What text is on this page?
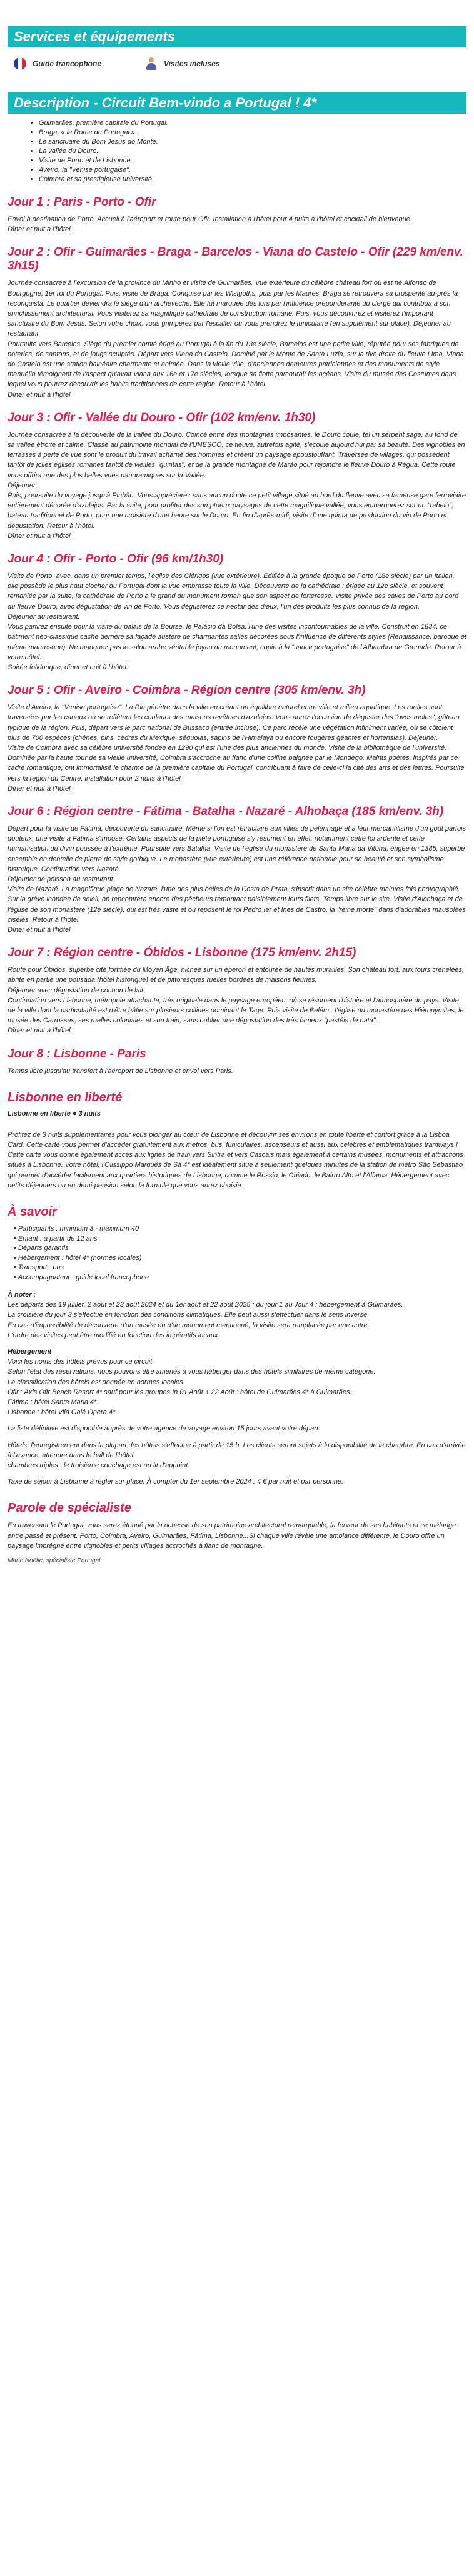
Services et équipements
Guide francophone	Visites incluses
Description - Circuit Bem-vindo a Portugal ! 4*
• Guimarães, première capitale du Portugal.
• Braga, « la Rome du Portugal ».
• Le sanctuaire du Bom Jesus do Monte.
• La vallée du Douro.
• Visite de Porto et de Lisbonne.
• Aveiro, la "Venise portugaise".
• Coimbra et sa prestigieuse université.
Jour 1 : Paris - Porto - Ofir

Envol à destination de Porto. Accueil à l'aéroport et route pour Ofir. Installation à l'hôtel pour 4 nuits à l'hôtel et cocktail de bienvenue.

Dîner et nuit à l'hôtel.

Jour 2 : Ofir - Guimarães - Braga - Barcelos - Viana do Castelo - Ofir (229 km/env. 3h15)

Journée consacrée à l'excursion de la province du Minho et visite de Guimarães. Vue extérieure du célèbre château fort où est né Alfonso de Bourgogne, 1er roi du Portugal. Puis, visite de Braga. Conquise par les Wisigoths, puis par les Maures, Braga se retrouvera sa prospérité au-près la reconquista. Le quartier deviendra le siège d'un archevêché. Elle fut marquée dès lors par l'influence prépondérante du clergé qui contribua à son enrichissement architectural. Vous visiterez sa magnifique cathédrale de construction romane. Puis, vous découvrirez et visiterez l'important sanctuaire du Bom Jesus. Selon votre choix, vous grimperez par l'escalier ou vous prendrez le funiculaire (en supplément sur place). Déjeuner au restaurant.

Poursuite vers Barcelos. Siège du premier comté érigé au Portugal à la fin du 13e siècle, Barcelos est une petite ville, réputée pour ses fabriques de poteries, de santons, et de jougs sculptés. Départ vers Viana do Castelo. Dominé par le Monte de Santa Luzia, sur la rive droite du fleuve Lima, Viana do Castelo est une station balnéaire charmante et animée. Dans la vieille ville, d'anciennes demeures patriciennes et des monuments de style manuélin témoignent de l'aspect qu'avait Viana aux 16e et 17e siècles, lorsque sa flotte parcourait les océans. Visite du musée des Costumes dans lequel vous pourrez découvrir les habits traditionnels de cette région. Retour à l'hôtel.

Dîner et nuit à l'hôtel.

Jour 3 : Ofir - Vallée du Douro - Ofir (102 km/env. 1h30)

Journée consacrée à la découverte de la vallée du Douro. Coincé entre des montagnes imposantes, le Douro coule, tel un serpent sage, au fond de sa vallée étroite et calme. Classé au patrimoine mondial de l'UNESCO, ce fleuve, autrefois agité, s'écoule aujourd'hui par sa beauté. Des vignobles en terrasses à perte de vue sont le produit du travail acharné des hommes et créent un paysage époustouflant. Traversée de villages, qui possèdent tantôt de jolies églises romanes tantôt de vieilles "quintas", et de la grande montagne de Marão pour rejoindre le fleuve Douro à Régua. Cette route vous offrira une des plus belles vues panoramiques sur la Vallée.

Déjeuner.

Puis, poursuite du voyage jusqu'à Pinhão. Vous apprécierez sans aucun doute ce petit village situé au bord du fleuve avec sa fameuse gare ferroviaire entièrement décorée d'azulejos. Par la suite, pour profiter des somptueux paysages de cette magnifique vallée, vous embarquerez sur un "rabelo", bateau traditionnel de Porto, pour une croisière d'une heure sur le Douro. En fin d'après-midi, visite d'une quinta de production du vin de Porto et dégustation. Retour à l'hôtel.

Dîner et nuit à l'hôtel.

Jour 4 : Ofir - Porto - Ofir (96 km/1h30)

Visite de Porto, avec, dans un premier temps, l'église des Clérigos (vue extérieure). Édifiée à la grande époque de Porto (18e siècle) par un Italien, elle possède le plus haut clocher du Portugal dont la vue embrasse toute la ville. Découverte de la cathédrale : érigée au 12e siècle, et souvent remaniée par la suite, la cathédrale de Porto a le grand du monument roman que son aspect de forteresse. Visite privée des caves de Porto au bord du fleuve Douro, avec dégustation de vin de Porto. Vous dégusterez ce nectar des dieux, l'un des produits les plus connus de la région.

Déjeuner au restaurant.

Vous partirez ensuite pour la visite du palais de la Bourse, le Palácio da Bolsa, l'une des visites incontournables de la ville. Construit en 1834, ce bâtiment néo-classique cache derrière sa façade austère de charmantes salles décorées sous l'influence de différents styles (Renaissance, baroque et même mauresque). Ne manquez pas le salon arabe véritable joyau du monument, copie à la "sauce portugaise" de l'Alhambra de Grenade. Retour à votre hôtel.

Soirée folklorique, dîner et nuit à l'hôtel.

Jour 5 : Ofir - Aveiro - Coimbra - Région centre (305 km/env. 3h)

Visite d'Aveiro, la "Venise portugaise". La Ria pénètre dans la ville en créant un équilibre naturel entre ville et milieu aquatique. Les ruelles sont traversées par les canaux où se reflètent les couleurs des maisons revêtues d'azulejos. Vous aurez l'occasion de déguster des "ovos moles", gâteau typique de la région. Puis, départ vers le parc national de Bussaco (entrée incluse). Ce parc recèle une végétation infiniment variée, où se côtoient plus de 700 espèces (chênes, pins, cèdres du Mexique, séquoias, sapins de l'Himalaya ou encore fougères géantes et hortensias). Déjeuner.

Visite de Coimbra avec sa célèbre université fondée en 1290 qui est l'une des plus anciennes du monde. Visite de la bibliothèque de l'université. Dominée par la haute tour de sa vieille université, Coimbra s'accroche au flanc d'une colline baignée par le Mondego. Maints poètes, inspirés par ce cadre romantique, ont immortalisé le charme de la première capitale du Portugal, contribuant à faire de celle-ci la cité des arts et des lettres. Poursuite vers la région du Centre, installation pour 2 nuits à l'hôtel.

Dîner et nuit à l'hôtel.

Jour 6 : Région centre - Fátima - Batalha - Nazaré - Alhobaça (185 km/env. 3h)

Départ pour la visite de Fátima, découverte du sanctuaire. Même si l'on est réfractaire aux villes de pèlerinage et à leur mercantilisme d'un goût parfois douteux, une visite à Fátima s'impose. Certains aspects de la piété portugaise s'y résument en effet, notamment cette foi ardente et cette humanisation du divin poussée à l'extrême. Poursuite vers Batalha. Visite de l'église du monastère de Santa Maria da Vitória, érigée en 1385, superbe ensemble en dentelle de pierre de style gothique. Le monastère (vue extérieure) est une référence nationale pour sa beauté et son symbolisme historique. Continuation vers Nazaré.

Déjeuner de poisson au restaurant.

Visite de Nazaré. La magnifique plage de Nazaré, l'une des plus belles de la Costa de Prata, s'inscrit dans un site célèbre maintes fois photographié. Sur la grève inondée de soleil, on rencontrera encore des pêcheurs remontant paisiblement leurs filets. Temps libre sur le site. Visite d'Alcobaça et de l'église de son monastère (12e siècle), qui est très vaste et où reposent le roi Pedro Ier et Ines de Castro, la "reine morte" dans d'adorables mausolées ciselés. Retour à l'hôtel.

Dîner et nuit à l'hôtel.

Jour 7 : Région centre - Óbidos - Lisbonne (175 km/env. 2h15)

Route pour Óbidos, superbe cité fortifiée du Moyen Âge, nichée sur un éperon et entourée de hautes murailles. Son château fort, aux tours crénelées, abrite en partie une pousada (hôtel historique) et de pittoresques ruelles bordées de maisons fleuries.

Déjeuner avec dégustation de cochon de lait.

Continuation vers Lisbonne, métropole attachante, très originale dans le paysage européen, où se résument l'histoire et l'atmosphère du pays. Visite de la ville dont la particularité est d'être bâtie sur plusieurs collines dominant le Tage. Puis visite de Belém : l'église du monastère des Hiéronymites, le musée des Carrosses, ses ruelles coloniales et son train, sans oublier une dégustation des très fameux "pastéis de nata".

Dîner et nuit à l'hôtel.

Jour 8 : Lisbonne - Paris

Temps libre jusqu'au transfert à l'aéroport de Lisbonne et envol vers Paris.

Lisbonne en liberté
Lisbonne en liberté ● 3 nuits

Profitez de 3 nuits supplémentaires pour vous plonger au cœur de Lisbonne et découvrir ses environs en toute liberté et confort grâce à la Lisboa Card. Cette carte vous permet d'accéder gratuitement aux métros, bus, funiculaires, ascenseurs et aussi aux célèbres et emblématiques tramways ! Cette carte vous donne également accès aux lignes de train vers Sintra et vers Cascais mais également à certains musées, monuments et attractions situés à Lisbonne. Votre hôtel, l'Olissippo Marquês de Sá 4* est idéalement situé à seulement quelques minutes de la station de métro São Sebastião qui permet d'accéder facilement aux quartiers historiques de Lisbonne, comme le Rossio, le Chiado, le Bairro Alto et l'Alfama. Hébergement avec petits déjeuners ou en demi-pension selon la formule que vous aurez choisie.

À savoir
• Participants : minimum 3 - maximum 40
• Enfant : à partir de 12 ans
• Départs garantis
• Hébergement : hôtel 4* (normes locales)
• Transport : bus
• Accompagnateur : guide local francophone

À noter :

Les départs des 19 juillet, 2 août et 23 août 2024 et du 1er août et 22 août 2025 : du jour 1 au Jour 4 : hébergement à Guimarães.

La croisière du jour 3 s'effectue en fonction des conditions climatiques. Elle peut aussi s'effectuer dans le sens inverse.

En cas d'impossibilité de découverte d'un musée ou d'un monument mentionné, la visite sera remplacée par une autre.

L'ordre des visites peut être modifié en fonction des impératifs locaux.

Hébergement

Voici les noms des hôtels prévus pour ce circuit.

Selon l'état des réservations, nous pouvons être amenés à vous héberger dans des hôtels similaires de même catégorie.

La classification des hôtels est donnée en normes locales.

Ofir : Axis Ofir Beach Resort 4* sauf pour les groupes In 01 Août + 22 Août : hôtel de Guimarães 4* à Guimarães.

Fátima : hôtel Santa Maria 4*.

Lisbonne : hôtel Vila Galé Opera 4*.

La liste définitive est disponible auprès de votre agence de voyage environ 15 jours avant votre départ.

Hôtels: l'enregistrement dans la plupart des hôtels s'effectue à partir de 15 h. Les clients seront sujets à la disponibilité de la chambre. En cas d'arrivée à l'avance, attendre dans le hall de l'hôtel.

chambres triples : le troisième couchage est un lit d'appoint.

Taxe de séjour à Lisbonne à régler sur place. À compter du 1er septembre 2024 : 4 € par nuit et par personne.

Parole de spécialiste

En traversant le Portugal, vous serez étonné par la richesse de son patrimoine architectural remarquable, la ferveur de ses habitants et ce mélange entre passé et présent. Porto, Coimbra, Aveiro, Guimarães, Fátima, Lisbonne...Si chaque ville révèle une ambiance différente, le Douro offre un paysage imprégné entre vignobles et petits villages accrochés à flanc de montagne.

Marie Noëlle, spécialiste Portugal
